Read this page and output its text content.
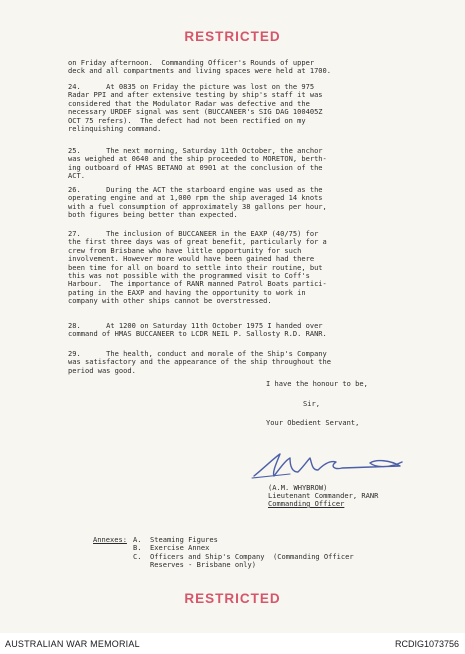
RESTRICTED
on Friday afternoon.  Commanding Officer's Rounds of upper
deck and all compartments and living spaces were held at 1700.
24.      At 0835 on Friday the picture was lost on the 975
Radar PPI and after extensive testing by ship's staff it was
considered that the Modulator Radar was defective and the
necessary URDEF signal was sent (BUCCANEER's SIG DAG 100405Z
OCT 75 refers).  The defect had not been rectified on my
relinquishing command.
25.      The next morning, Saturday 11th October, the anchor
was weighed at 0640 and the ship proceeded to MORETON, berth-
ing outboard of HMAS BETANO at 0901 at the conclusion of the
ACT.
26.      During the ACT the starboard engine was used as the
operating engine and at 1,000 rpm the ship averaged 14 knots
with a fuel consumption of approximately 38 gallons per hour,
both figures being better than expected.
27.      The inclusion of BUCCANEER in the EAXP (40/75) for
the first three days was of great benefit, particularly for a
crew from Brisbane who have little opportunity for such
involvement. However more would have been gained had there
been time for all on board to settle into their routine, but
this was not possible with the programmed visit to Coff's
Harbour.  The importance of RANR manned Patrol Boats partici-
pating in the EAXP and having the opportunity to work in
company with other ships cannot be overstressed.
28.      At 1200 on Saturday 11th October 1975 I handed over
command of HMAS BUCCANEER to LCDR NEIL P. Sallosty R.D. RANR.
29.      The health, conduct and morale of the Ship's Company
was satisfactory and the appearance of the ship throughout the
period was good.
I have the honour to be,
Sir,
Your Obedient Servant,
(A.M. WHYBROW)
Lieutenant Commander, RANR
Commanding Officer
Annexes: A.  Steaming Figures
B.  Exercise Annex
C.  Officers and Ship's Company  (Commanding Officer
Reserves - Brisbane only)
RESTRICTED
AUSTRALIAN WAR MEMORIAL	RCDIG1073756
